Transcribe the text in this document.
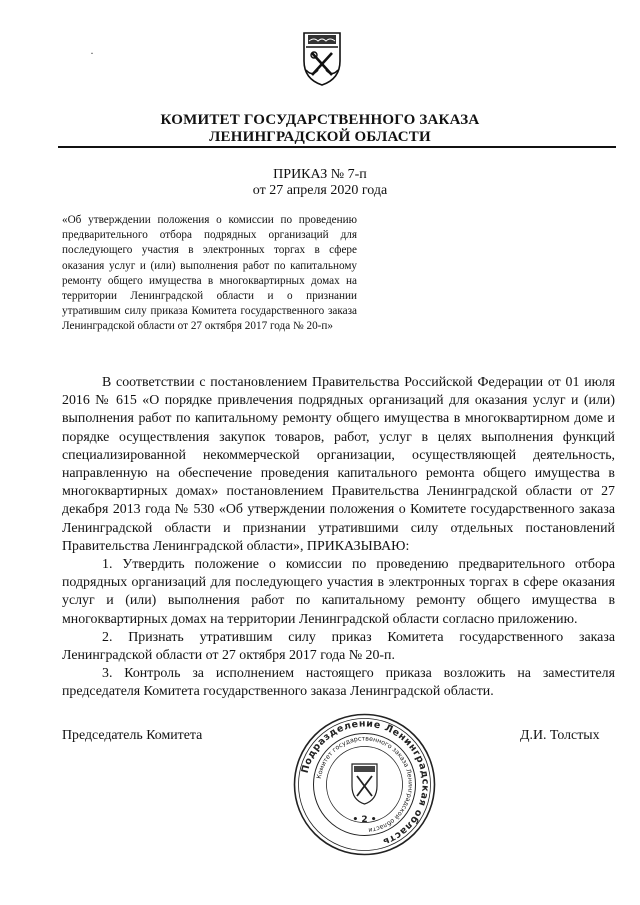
·
КОМИТЕТ ГОСУДАРСТВЕННОГО ЗАКАЗА
ЛЕНИНГРАДСКОЙ ОБЛАСТИ
ПРИКАЗ № 7-п
от 27 апреля 2020 года
«Об утверждении положения о комиссии по проведению предварительного отбора подрядных организаций для последующего участия в электронных торгах в сфере оказания услуг и (или) выполнения работ по капитальному ремонту общего имущества в многоквартирных домах на территории Ленинградской области и о признании утратившим силу приказа Комитета государственного заказа Ленинградской области от 27 октября 2017 года № 20-п»

В соответствии с постановлением Правительства Российской Федерации от 01 июля 2016 № 615 «О порядке привлечения подрядных организаций для оказания услуг и (или) выполнения работ по капитальному ремонту общего имущества в многоквартирном доме и порядке осуществления закупок товаров, работ, услуг в целях выполнения функций специализированной некоммерческой организации, осуществляющей деятельность, направленную на обеспечение проведения капитального ремонта общего имущества в многоквартирных домах» постановлением Правительства Ленинградской области от 27 декабря 2013 года № 530 «Об утверждении положения о Комитете государственного заказа Ленинградской области и признании утратившими силу отдельных постановлений Правительства Ленинградской области», ПРИКАЗЫВАЮ:

1. Утвердить положение о комиссии по проведению предварительного отбора подрядных организаций для последующего участия в электронных торгах в сфере оказания услуг и (или) выполнения работ по капитальному ремонту общего имущества в многоквартирных домах на территории Ленинградской области согласно приложению.

2. Признать утратившим силу приказ Комитета государственного заказа Ленинградской области от 27 октября 2017 года № 20-п.

3. Контроль за исполнением настоящего приказа возложить на заместителя председателя Комитета государственного заказа Ленинградской области.

Председатель Комитета	Д.И. Толстых
Подразделение Ленинградская область
Комитет государственного заказа Ленинградской области
• 2 •
